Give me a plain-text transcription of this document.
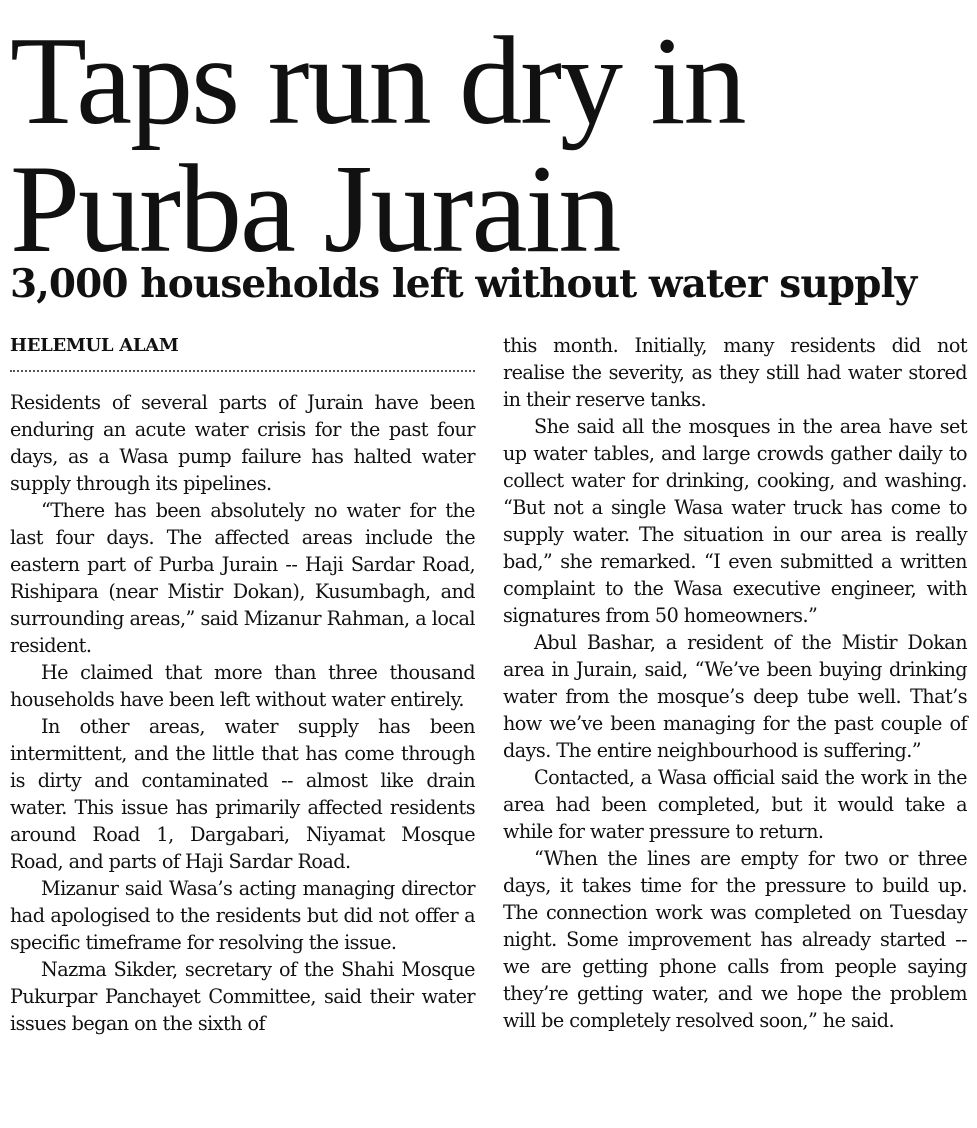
Taps run dry in
Purba Jurain
3,000 households left without water supply
HELEMUL ALAM

Residents of several parts of Jurain have been enduring an acute water crisis for the past four days, as a Wasa pump failure has halted water supply through its pipelines.

“There has been absolutely no water for the last four days. The affected areas include the eastern part of Purba Jurain -- Haji Sardar Road, Rishipara (near Mistir Dokan), Kusumbagh, and surrounding areas,” said Mizanur Rahman, a local resident.

He claimed that more than three thousand households have been left without water entirely.

In other areas, water supply has been intermittent, and the little that has come through is dirty and contaminated -- almost like drain water. This issue has primarily affected residents around Road 1, Dargabari, Niyamat Mosque Road, and parts of Haji Sardar Road.

Mizanur said Wasa’s acting managing director had apologised to the residents but did not offer a specific timeframe for resolving the issue.

Nazma Sikder, secretary of the Shahi Mosque Pukurpar Panchayet Committee, said their water issues began on the sixth of

this month. Initially, many residents did not realise the severity, as they still had water stored in their reserve tanks.

She said all the mosques in the area have set up water tables, and large crowds gather daily to collect water for drinking, cooking, and washing. “But not a single Wasa water truck has come to supply water. The situation in our area is really bad,” she remarked. “I even submitted a written complaint to the Wasa executive engineer, with signatures from 50 homeowners.”

Abul Bashar, a resident of the Mistir Dokan area in Jurain, said, “We’ve been buying drinking water from the mosque’s deep tube well. That’s how we’ve been managing for the past couple of days. The entire neighbourhood is suffering.”

Contacted, a Wasa official said the work in the area had been completed, but it would take a while for water pressure to return.

“When the lines are empty for two or three days, it takes time for the pressure to build up. The connection work was completed on Tuesday night. Some improvement has already started -- we are getting phone calls from people saying they’re getting water, and we hope the problem will be completely resolved soon,” he said.
